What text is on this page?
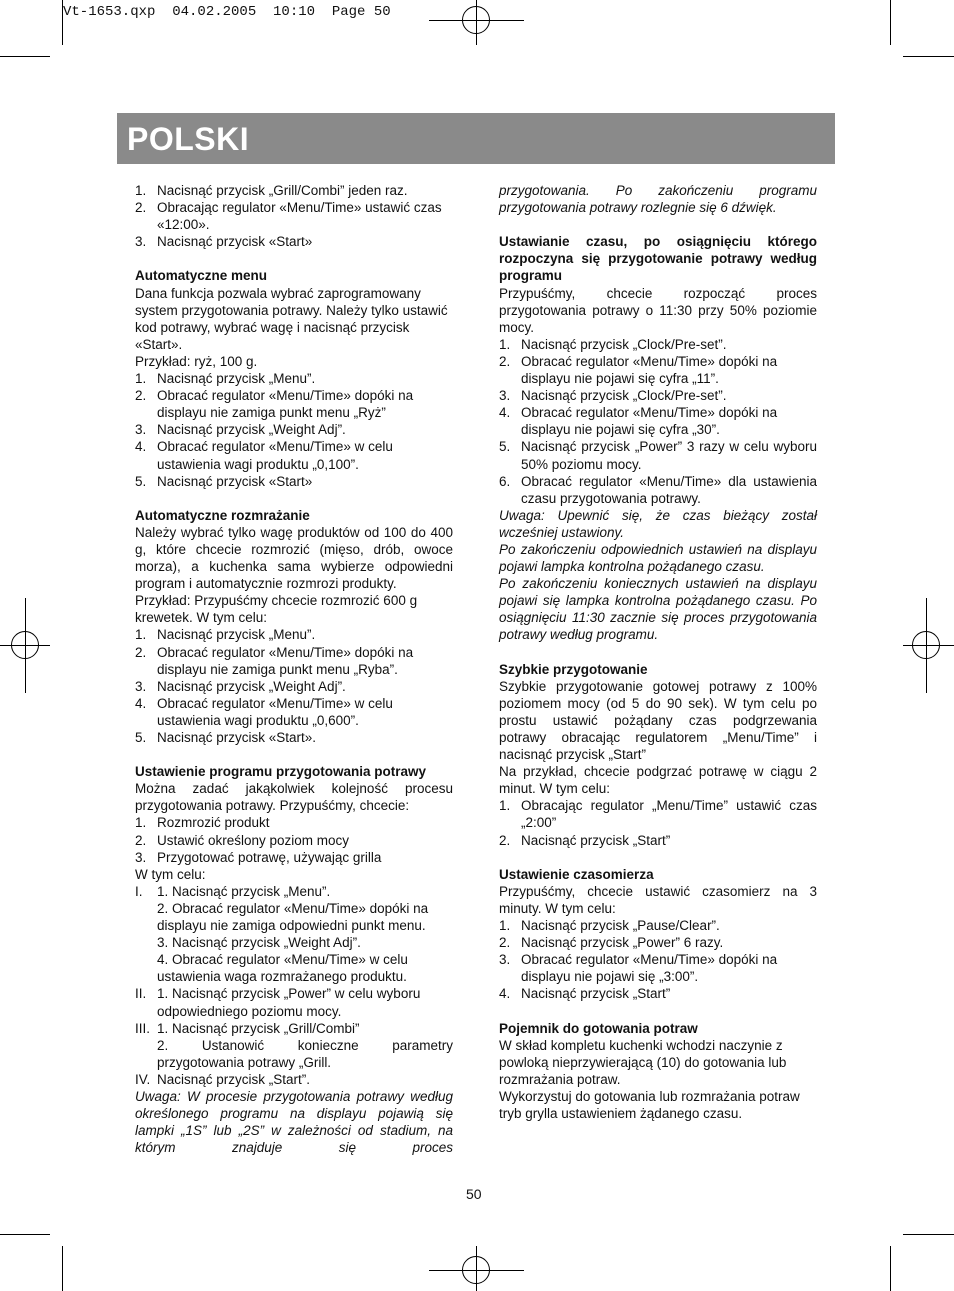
Vt-1653.qxp  04.02.2005  10:10  Page 50
POLSKI
1. Nacisnąć przycisk „Grill/Combi” jeden raz.
2. Obracając regulator «Menu/Time» ustawić czas «12:00».
3. Nacisnąć przycisk «Start»

Automatyczne menu

Dana funkcja pozwala wybrać zaprogramowany system przygotowania potrawy. Należy tylko ustawić kod potrawy, wybrać wagę i nacisnąć przycisk «Start».

Przykład: ryż, 100 g.

1. Nacisnąć przycisk „Menu”.
2. Obracać regulator «Menu/Time» dopóki na displayu nie zamiga punkt menu „Ryż”
3. Nacisnąć przycisk „Weight Adj”.
4. Obracać regulator «Menu/Time» w celu ustawienia wagi produktu „0,100”.
5. Nacisnąć przycisk «Start»

Automatyczne rozmrażanie

Należy wybrać tylko wagę produktów od 100 do 400 g, które chcecie rozmrozić (mięso, drób, owoce morza), a kuchenka sama wybierze odpowiedni program i automatycznie rozmrozi produkty.

Przykład: Przypuśćmy chcecie rozmrozić 600 g krewetek. W tym celu:

1. Nacisnąć przycisk „Menu”.
2. Obracać regulator «Menu/Time» dopóki na displayu nie zamiga punkt menu „Ryba”.
3. Nacisnąć przycisk „Weight Adj”.
4. Obracać regulator «Menu/Time» w celu ustawienia wagi produktu „0,600”.
5. Nacisnąć przycisk «Start».

Ustawienie programu przygotowania potrawy

Można zadać jakąkolwiek kolejność procesu przygotowania potrawy. Przypuśćmy, chcecie:

1. Rozmrozić produkt
2. Ustawić określony poziom mocy
3. Przygotować potrawę, używając grilla

W tym celu:

I.	1. Nacisnąć przycisk „Menu”.
2. Obracać regulator «Menu/Time» dopóki na displayu nie zamiga odpowiedni punkt menu.
3. Nacisnąć przycisk „Weight Adj”.
4. Obracać regulator «Menu/Time» w celu ustawienia waga rozmrażanego produktu.
II. 1. Nacisnąć przycisk „Power” w celu wyboru odpowiedniego poziomu mocy.
III. 1. Nacisnąć przycisk „Grill/Combi”
2. Ustanowić konieczne parametry przygotowania potrawy „Grill.
IV. Nacisnąć przycisk „Start”.

Uwaga: W procesie przygotowania potrawy według określonego programu na displayu pojawią się lampki „1S” lub „2S” w zależności od stadium, na którym znajduje się proces

przygotowania. Po zakończeniu programu przygotowania potrawy rozlegnie się 6 dźwięk.

Ustawianie czasu, po osiągnięciu którego rozpoczyna się przygotowanie potrawy według programu

Przypuśćmy, chcecie rozpocząć proces przygotowania potrawy o 11:30 przy 50% poziomie mocy.

1. Nacisnąć przycisk „Clock/Pre-set”.
2. Obracać regulator «Menu/Time» dopóki na displayu nie pojawi się cyfra „11”.
3. Nacisnąć przycisk „Clock/Pre-set”.
4. Obracać regulator «Menu/Time» dopóki na displayu nie pojawi się cyfra „30”.
5. Nacisnąć przycisk „Power” 3 razy w celu wyboru 50% poziomu mocy.
6. Obracać regulator «Menu/Time» dla ustawienia czasu przygotowania potrawy.

Uwaga: Upewnić się, że czas bieżący został wcześniej ustawiony.

Po zakończeniu odpowiednich ustawień na displayu pojawi lampka kontrolna pożądanego czasu.

Po zakończeniu koniecznych ustawień na displayu pojawi się lampka kontrolna pożądanego czasu. Po osiągnięciu 11:30 zacznie się proces przygotowania potrawy według programu.

Szybkie przygotowanie

Szybkie przygotowanie gotowej potrawy z 100% poziomem mocy (od 5 do 90 sek). W tym celu po prostu ustawić pożądany czas podgrzewania potrawy obracając regulatorem „Menu/Time” i nacisnąć przycisk „Start”

Na przykład, chcecie podgrzać potrawę w ciągu 2 minut. W tym celu:

1. Obracając regulator „Menu/Time” ustawić czas „2:00”
2. Nacisnąć przycisk „Start”

Ustawienie czasomierza

Przypuśćmy, chcecie ustawić czasomierz na 3 minuty. W tym celu:

1. Nacisnąć przycisk „Pause/Clear”.
2. Nacisnąć przycisk „Power” 6 razy.
3. Obracać regulator «Menu/Time» dopóki na displayu nie pojawi się „3:00”.
4. Nacisnąć przycisk „Start”

Pojemnik do gotowania potraw

W skład kompletu kuchenki wchodzi naczynie z powloką nieprzywierającą (10) do gotowania lub rozmrażania potraw.

Wykorzystuj do gotowania lub rozmrażania potraw tryb grylla ustawieniem żądanego czasu.

50
